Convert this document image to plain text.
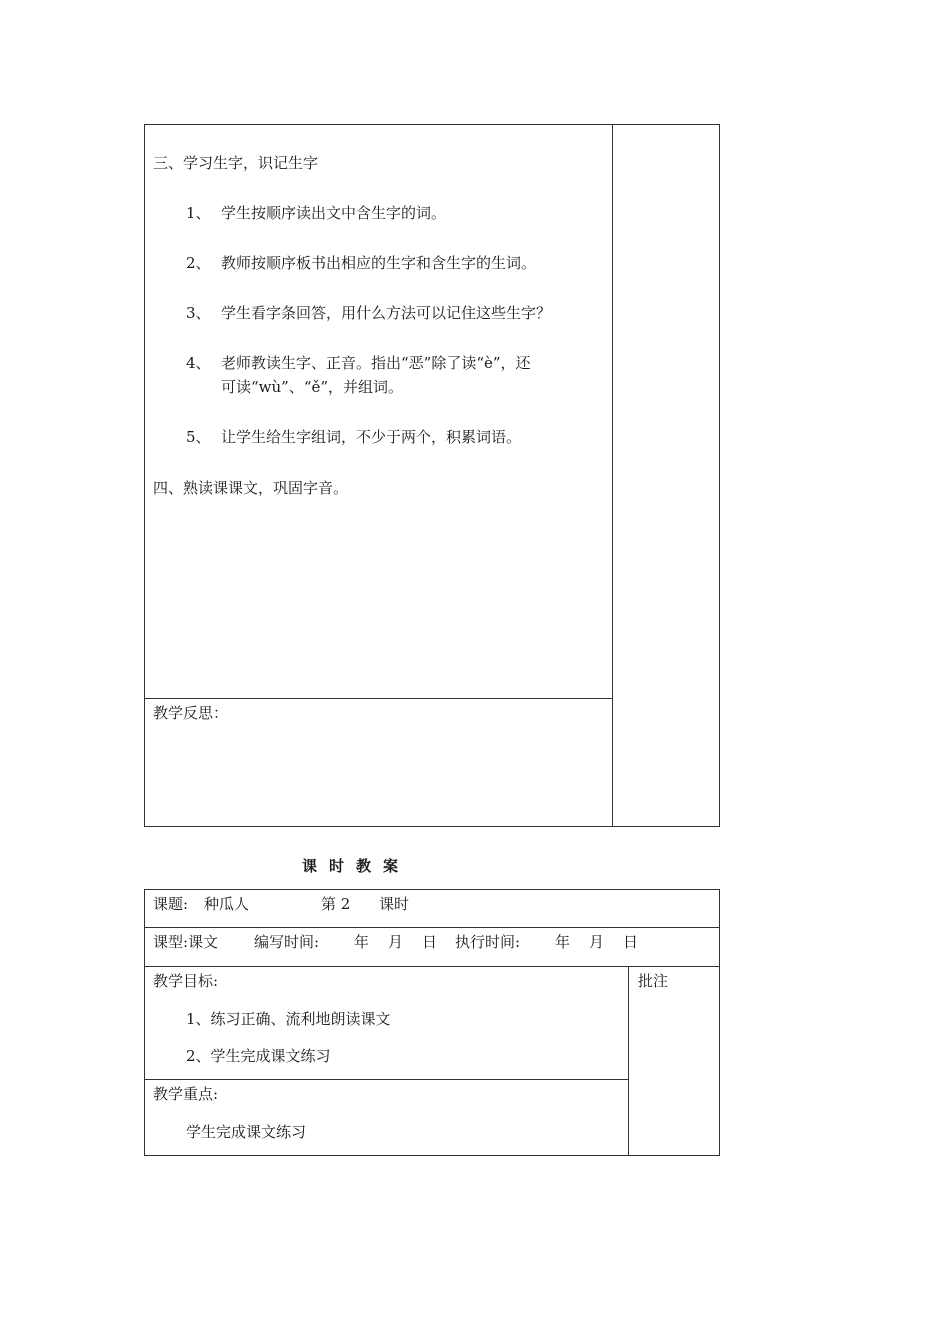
三、学习生字，识记生字
1、 学生按顺序读出文中含生字的词。
2、 教师按顺序板书出相应的生字和含生字的生词。
3、 学生看字条回答，用什么方法可以记住这些生字？
4、 老师教读生字、正音。指出“恶”除了读“è”，还
可读“wù”、“ě”，并组词。
5、 让学生给生字组词，不少于两个，积累词语。
四、熟读课课文，巩固字音。
教学反思：
课时教案
课题: 种瓜人	第 2 课时
课型:课文 编写时间: 年 月 日 执行时间: 年 月 日
教学目标:
1、练习正确、流利地朗读课文
2、学生完成课文练习
批注
教学重点:
学生完成课文练习
